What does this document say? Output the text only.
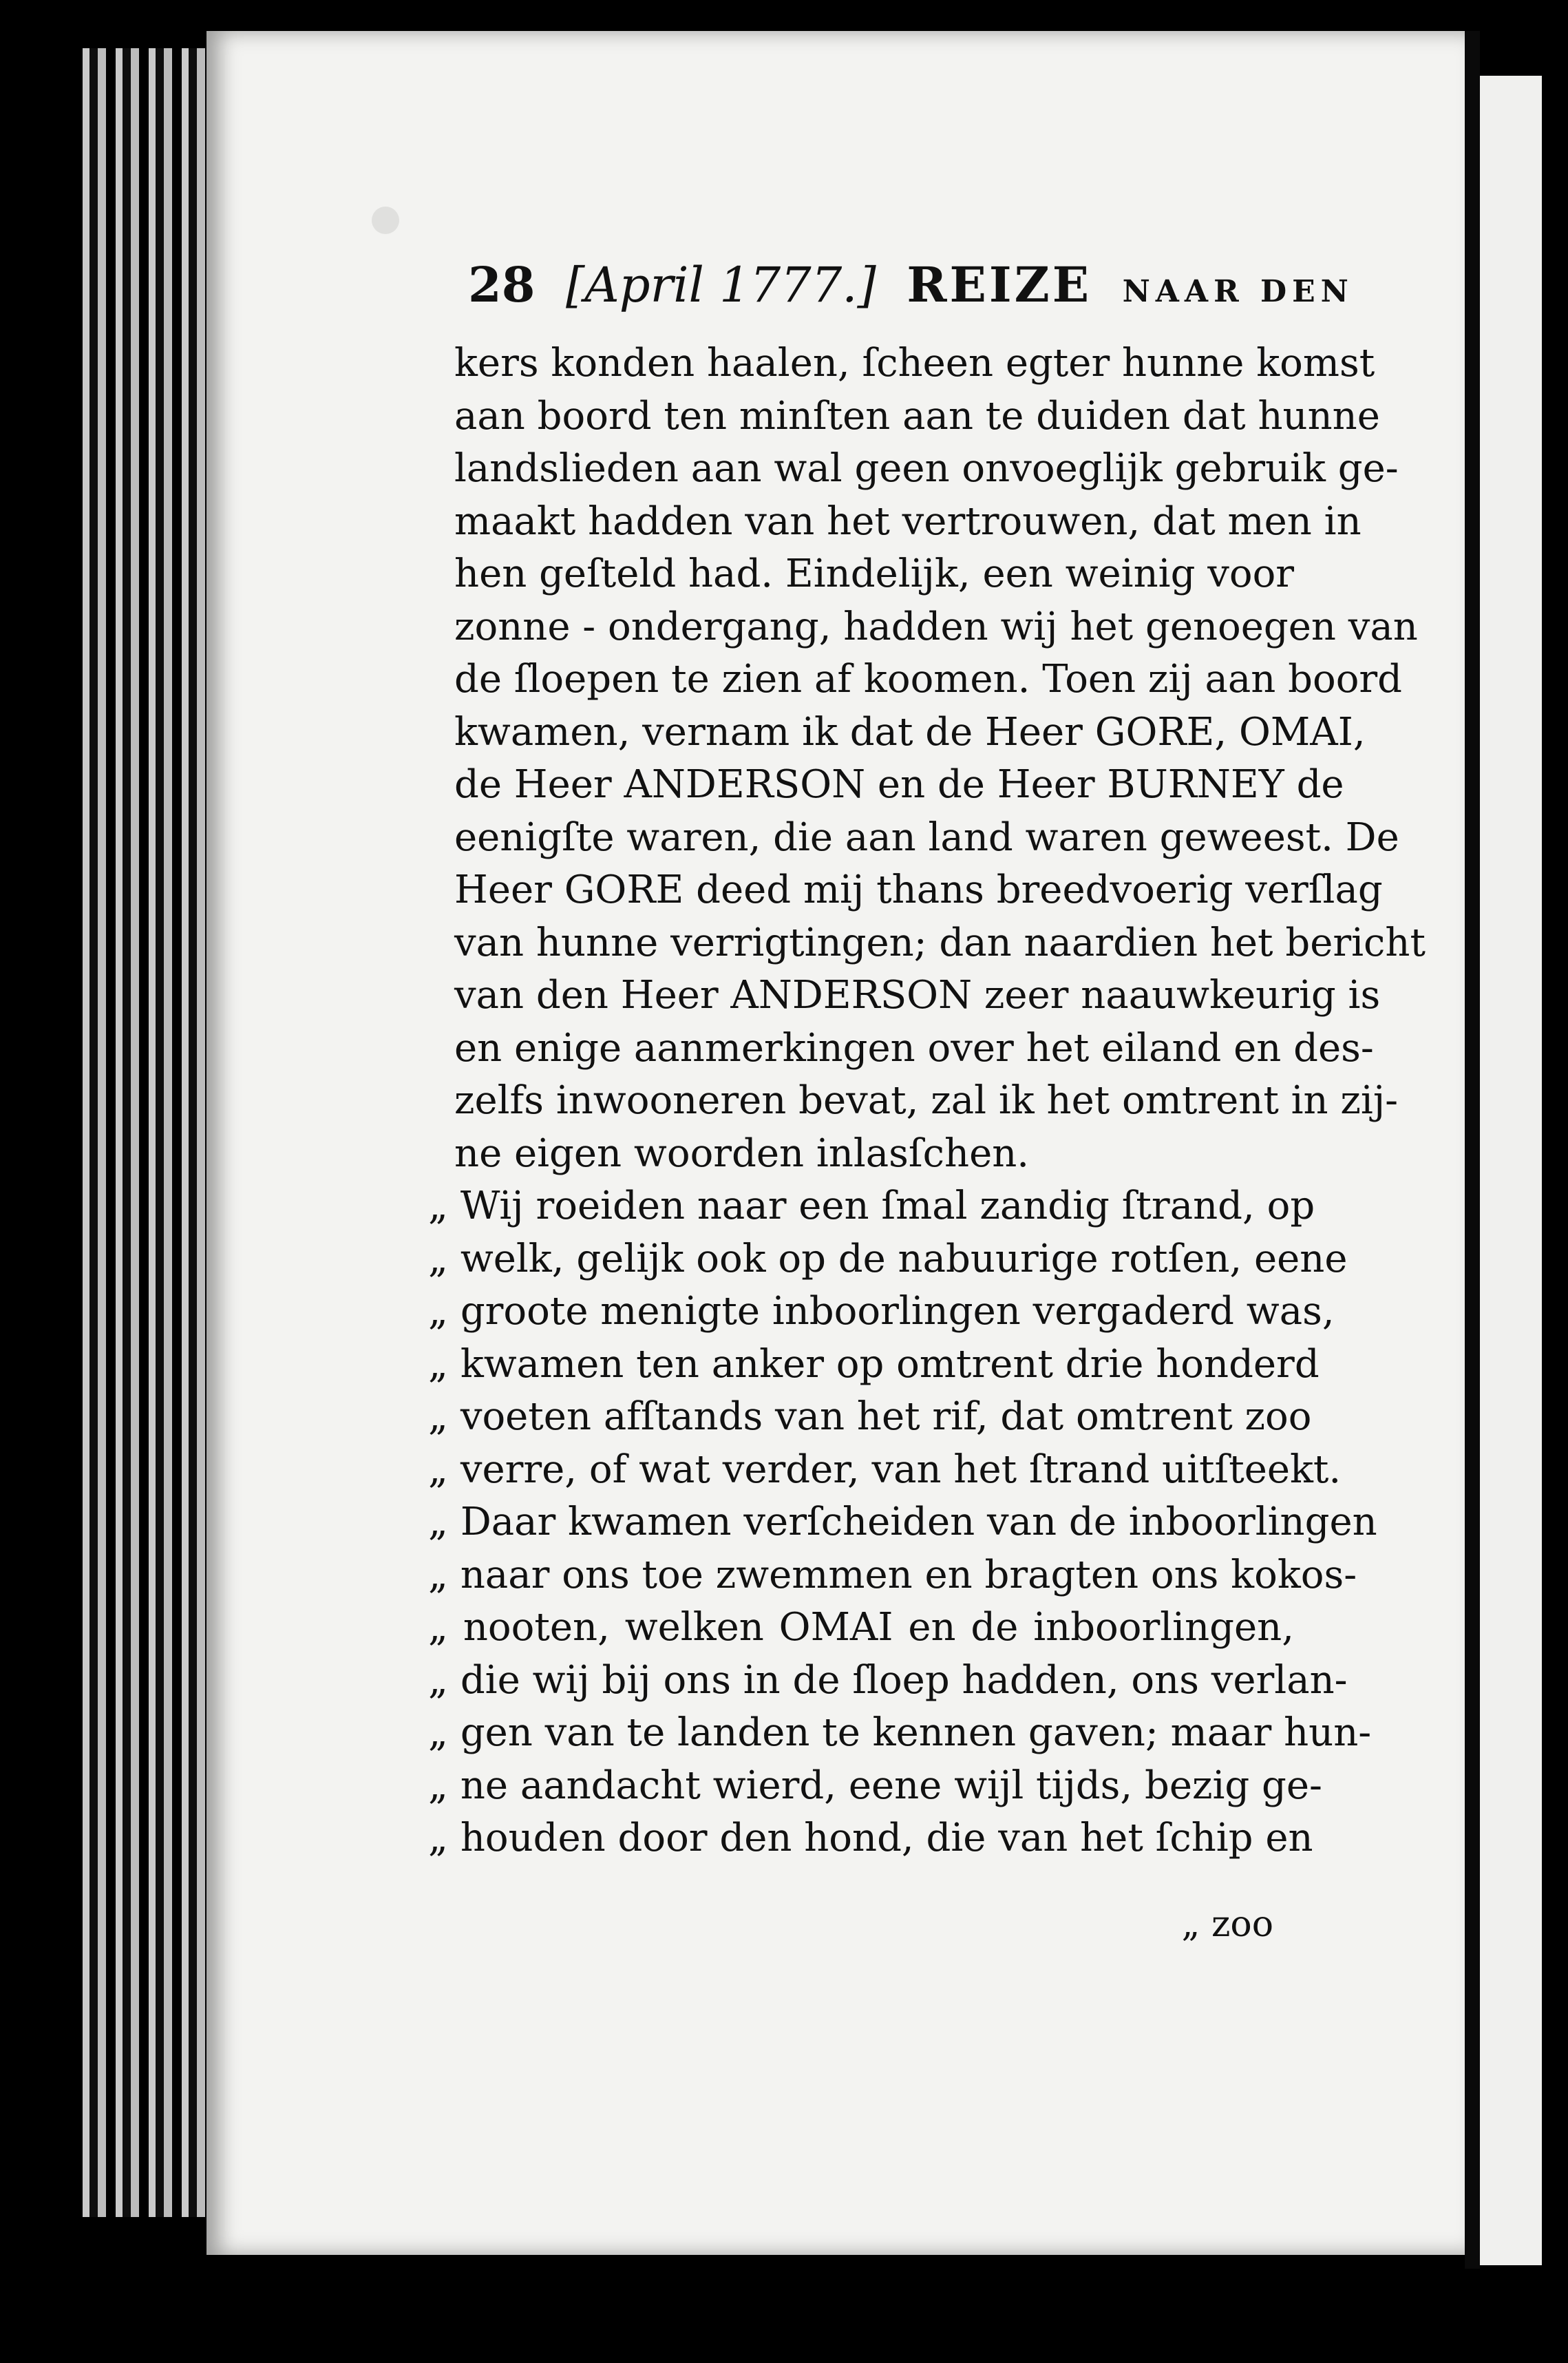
28 [April 1777.] REIZE NAAR DEN
kers konden haalen, ſcheen egter hunne komst
aan boord ten minſten aan te duiden dat hunne
landslieden aan wal geen onvoeglijk gebruik ge-
maakt hadden van het vertrouwen, dat men in
hen geſteld had. Eindelijk, een weinig voor
zonne - ondergang, hadden wij het genoegen van
de ſloepen te zien af koomen. Toen zij aan boord
kwamen, vernam ik dat de Heer GORE, OMAI,
de Heer ANDERSON en de Heer BURNEY de
eenigſte waren, die aan land waren geweest. De
Heer GORE deed mij thans breedvoerig verſlag
van hunne verrigtingen; dan naardien het bericht
van den Heer ANDERSON zeer naauwkeurig is
en enige aanmerkingen over het eiland en des-
zelfs inwooneren bevat, zal ik het omtrent in zij-
ne eigen woorden inlasſchen.
„ Wij roeiden naar een ſmal zandig ſtrand, op
„ welk, gelijk ook op de nabuurige rotſen, eene
„ groote menigte inboorlingen vergaderd was,
„ kwamen ten anker op omtrent drie honderd
„ voeten afſtands van het rif, dat omtrent zoo
„ verre, of wat verder, van het ſtrand uitſteekt.
„ Daar kwamen verſcheiden van de inboorlingen
„ naar ons toe zwemmen en bragten ons kokos-
„ nooten, welken OMAI en de inboorlingen,
„ die wij bij ons in de ſloep hadden, ons verlan-
„ gen van te landen te kennen gaven; maar hun-
„ ne aandacht wierd, eene wijl tijds, bezig ge-
„ houden door den hond, die van het ſchip en
„ zoo
